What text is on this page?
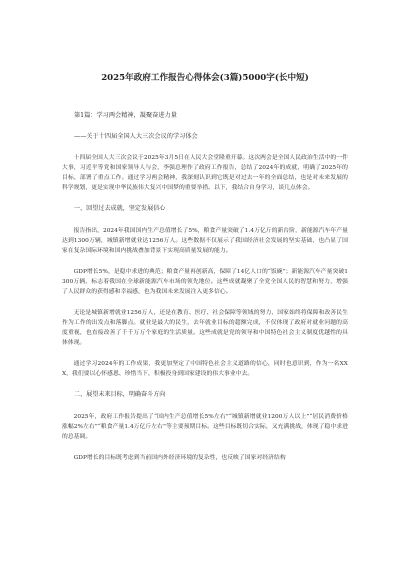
2025年政府工作报告心得体会(3篇)5000字(长中短)
第1篇：学习两会精神，凝聚奋进力量
——关于十四届全国人大三次会议的学习体会

十四届全国人大三次会议于2025年3月5日在人民大会堂隆重开幕。这次两会是全国人民政治生活中的一件大事，习近平等党和国家领导人与会，李强总理作了政府工作报告，总结了2024年的成就，明确了2025年的目标，部署了重点工作。通过学习两会精神，我深刻认识到它既是对过去一年的全面总结，也是对未来发展的科学规划，更是实现中华民族伟大复兴中国梦的重要举措。以下，我结合自身学习，谈几点体会。

一、回望过去成就，坚定发展信心

报告指出，2024年我国国内生产总值增长了5%，粮食产量突破了1.4万亿斤的新台阶，新能源汽车年产量达到1300万辆，城镇新增就业达1256万人。这些数据不仅展示了我国经济社会发展的坚实基础，也凸显了国家在复杂国际环境和国内挑战叠加背景下实现高质量发展的能力。

GDP增长5%，是稳中求进的典范；粮食产量再创新高，保障了14亿人口的“饭碗”；新能源汽车产量突破1300万辆，标志着我国在全球新能源汽车市场的领先地位。这些成就凝聚了全党全国人民的智慧和努力，增强了人民群众的获得感和幸福感，也为我国未来发展注入更多信心。

无论是城镇新增就业1256万人，还是在教育、医疗、社会保障等领域的努力，国家始终将保障和改善民生作为工作的出发点和落脚点。就业是最大的民生，去年就业目标的超额完成，不仅体现了政府对就业问题的高度重视，也直接改善了千千万万个家庭的生活质量。这些成就是党的领导和中国特色社会主义制度优越性的具体体现。

通过学习2024年的工作成果，我更加坚定了中国特色社会主义道路的信心，同时也意识到，作为一名XXX，我们要以心怀感恩、珍惜当下，积极投身到国家建设的伟大事业中去。

二、展望未来目标，明确奋斗方向

2025年，政府工作报告提出了“国内生产总值增长5%左右”“城镇新增就业1200万人以上”“居民消费价格涨幅2%左右”“粮食产量1.4万亿斤左右”等主要预期目标。这些目标既切合实际，又充满挑战，体现了稳中求进的总基调。

GDP增长的目标既考虑到当前国内外经济环境的复杂性，也反映了国家对经济结构
